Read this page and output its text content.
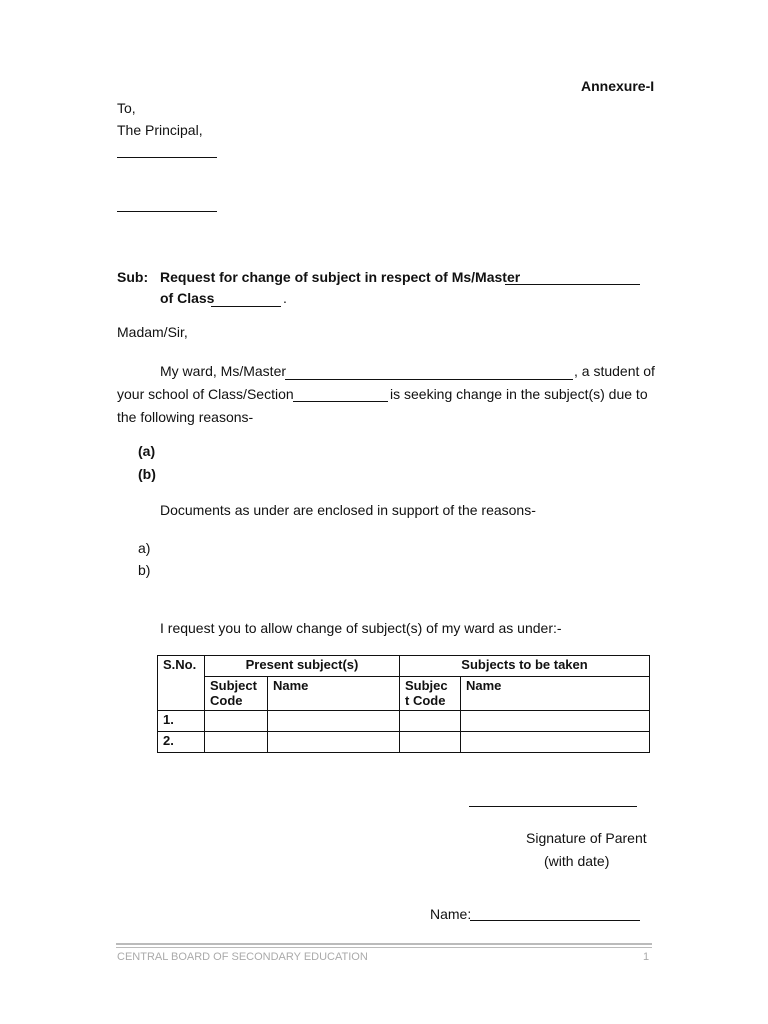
Annexure-I
To,
The Principal,
Sub: Request for change of subject in respect of Ms/Master
of Class	.
Madam/Sir,
My ward, Ms/Master	, a student of
your school of Class/Section	is seeking change in the subject(s) due to
the following reasons-
(a)
(b)
Documents as under are enclosed in support of the reasons-
a)
b)
I request you to allow change of subject(s) of my ward as under:-
S.No.	Present subject(s)		Subjects to be taken	
	Subject Code	Name	Subjec t Code	Name
1.				
2.				
Signature of Parent
(with date)
Name:
CENTRAL BOARD OF SECONDARY EDUCATION	1
